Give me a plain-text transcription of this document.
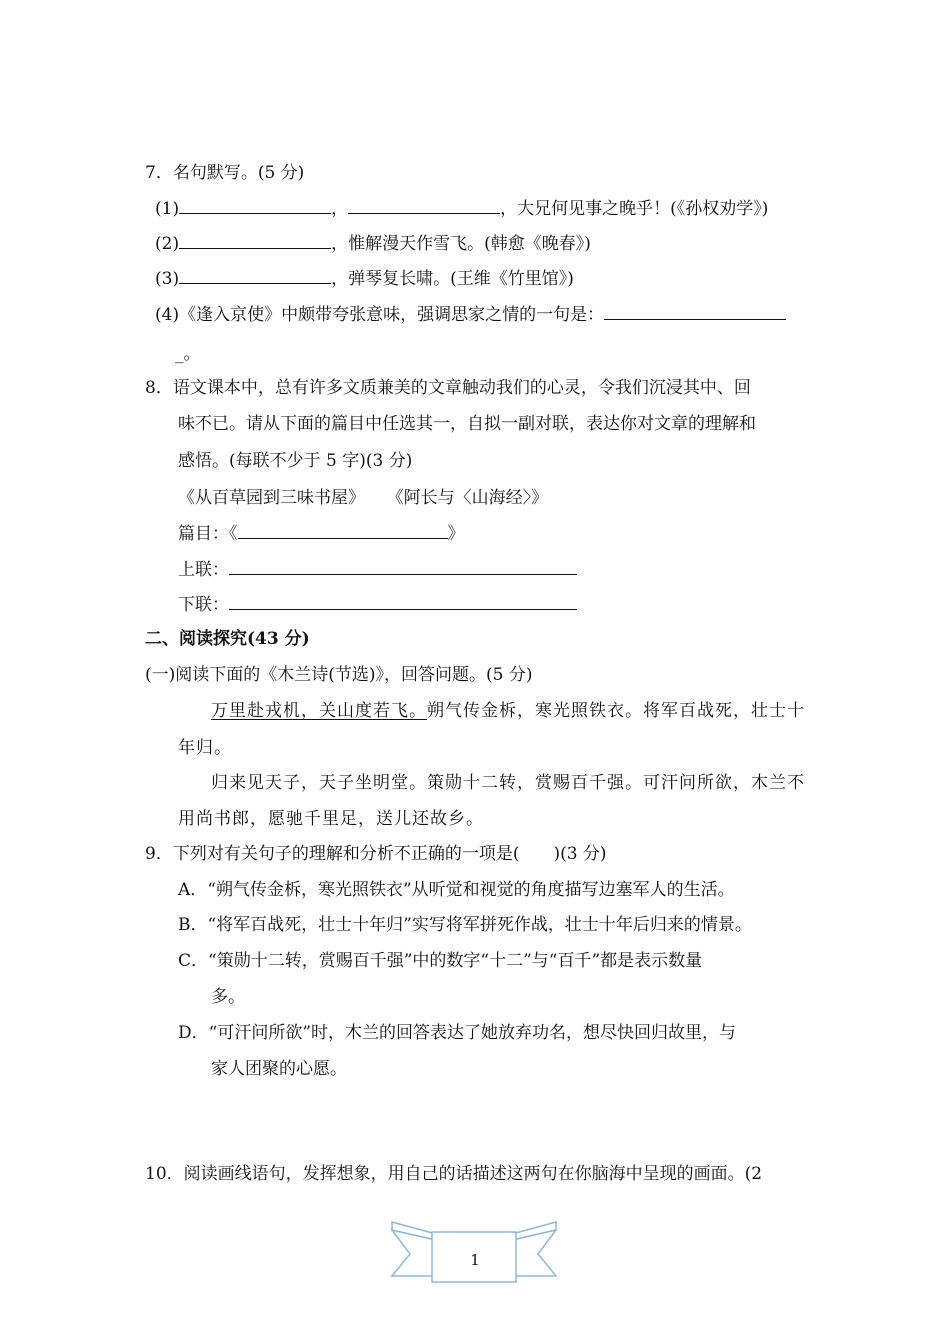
7．名句默写。(5 分)
(1)	，	，大兄何见事之晚乎！(《孙权劝学》)
(2)	，惟解漫天作雪飞。(韩愈《晚春》)
(3)	，弹琴复长啸。(王维《竹里馆》)
(4)《逢入京使》中颇带夸张意味，强调思家之情的一句是：
_。
8．语文课本中，总有许多文质兼美的文章触动我们的心灵，令我们沉浸其中、回
味不已。请从下面的篇目中任选其一，自拟一副对联，表达你对文章的理解和
感悟。(每联不少于 5 字)(3 分)
《从百草园到三味书屋》    《阿长与〈山海经〉》
篇目：《	》
上联：
下联：
二、阅读探究(43 分)
(一)阅读下面的《木兰诗(节选)》，回答问题。(5 分)
万里赴戎机，关山度若飞。朔气传金柝，寒光照铁衣。将军百战死，壮士十
年归。
归来见天子，天子坐明堂。策勋十二转，赏赐百千强。可汗问所欲，木兰不
用尚书郎，愿驰千里足，送儿还故乡。
9．下列对有关句子的理解和分析不正确的一项是(　　)(3 分)
A．“朔气传金柝，寒光照铁衣”从听觉和视觉的角度描写边塞军人的生活。
B．“将军百战死，壮士十年归”实写将军拼死作战，壮士十年后归来的情景。
C．“策勋十二转，赏赐百千强”中的数字“十二”与“百千”都是表示数量
多。
D．“可汗问所欲”时，木兰的回答表达了她放弃功名，想尽快回归故里，与
家人团聚的心愿。
10．阅读画线语句，发挥想象，用自己的话描述这两句在你脑海中呈现的画面。(2
1
